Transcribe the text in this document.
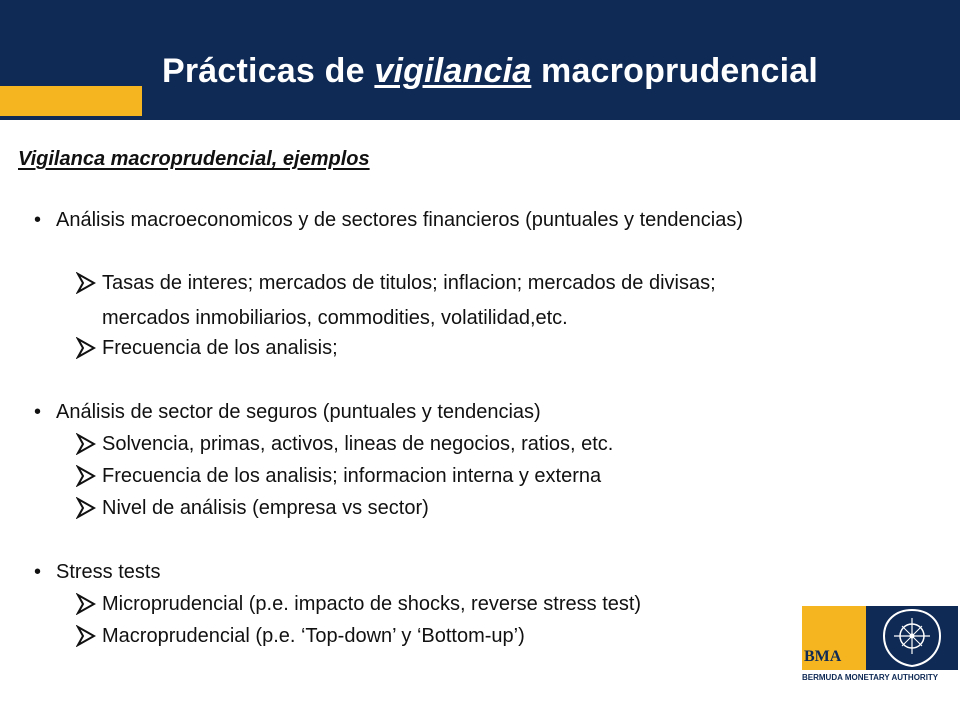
Prácticas de vigilancia macroprudencial
Vigilanca macroprudencial, ejemplos
• Análisis macroeconomicos y de sectores financieros (puntuales y tendencias)
Tasas de interes; mercados de titulos; inflacion; mercados de divisas;
mercados inmobiliarios, commodities, volatilidad,etc.
Frecuencia de los analisis;
• Análisis de sector de seguros (puntuales y tendencias)
Solvencia, primas, activos, lineas de negocios, ratios, etc.
Frecuencia de los analisis; informacion interna y externa
Nivel de análisis (empresa vs sector)
• Stress tests
Microprudencial (p.e. impacto de shocks, reverse stress test)
Macroprudencial (p.e. ‘Top-down’ y ‘Bottom-up’)
BMA
BERMUDA MONETARY AUTHORITY
